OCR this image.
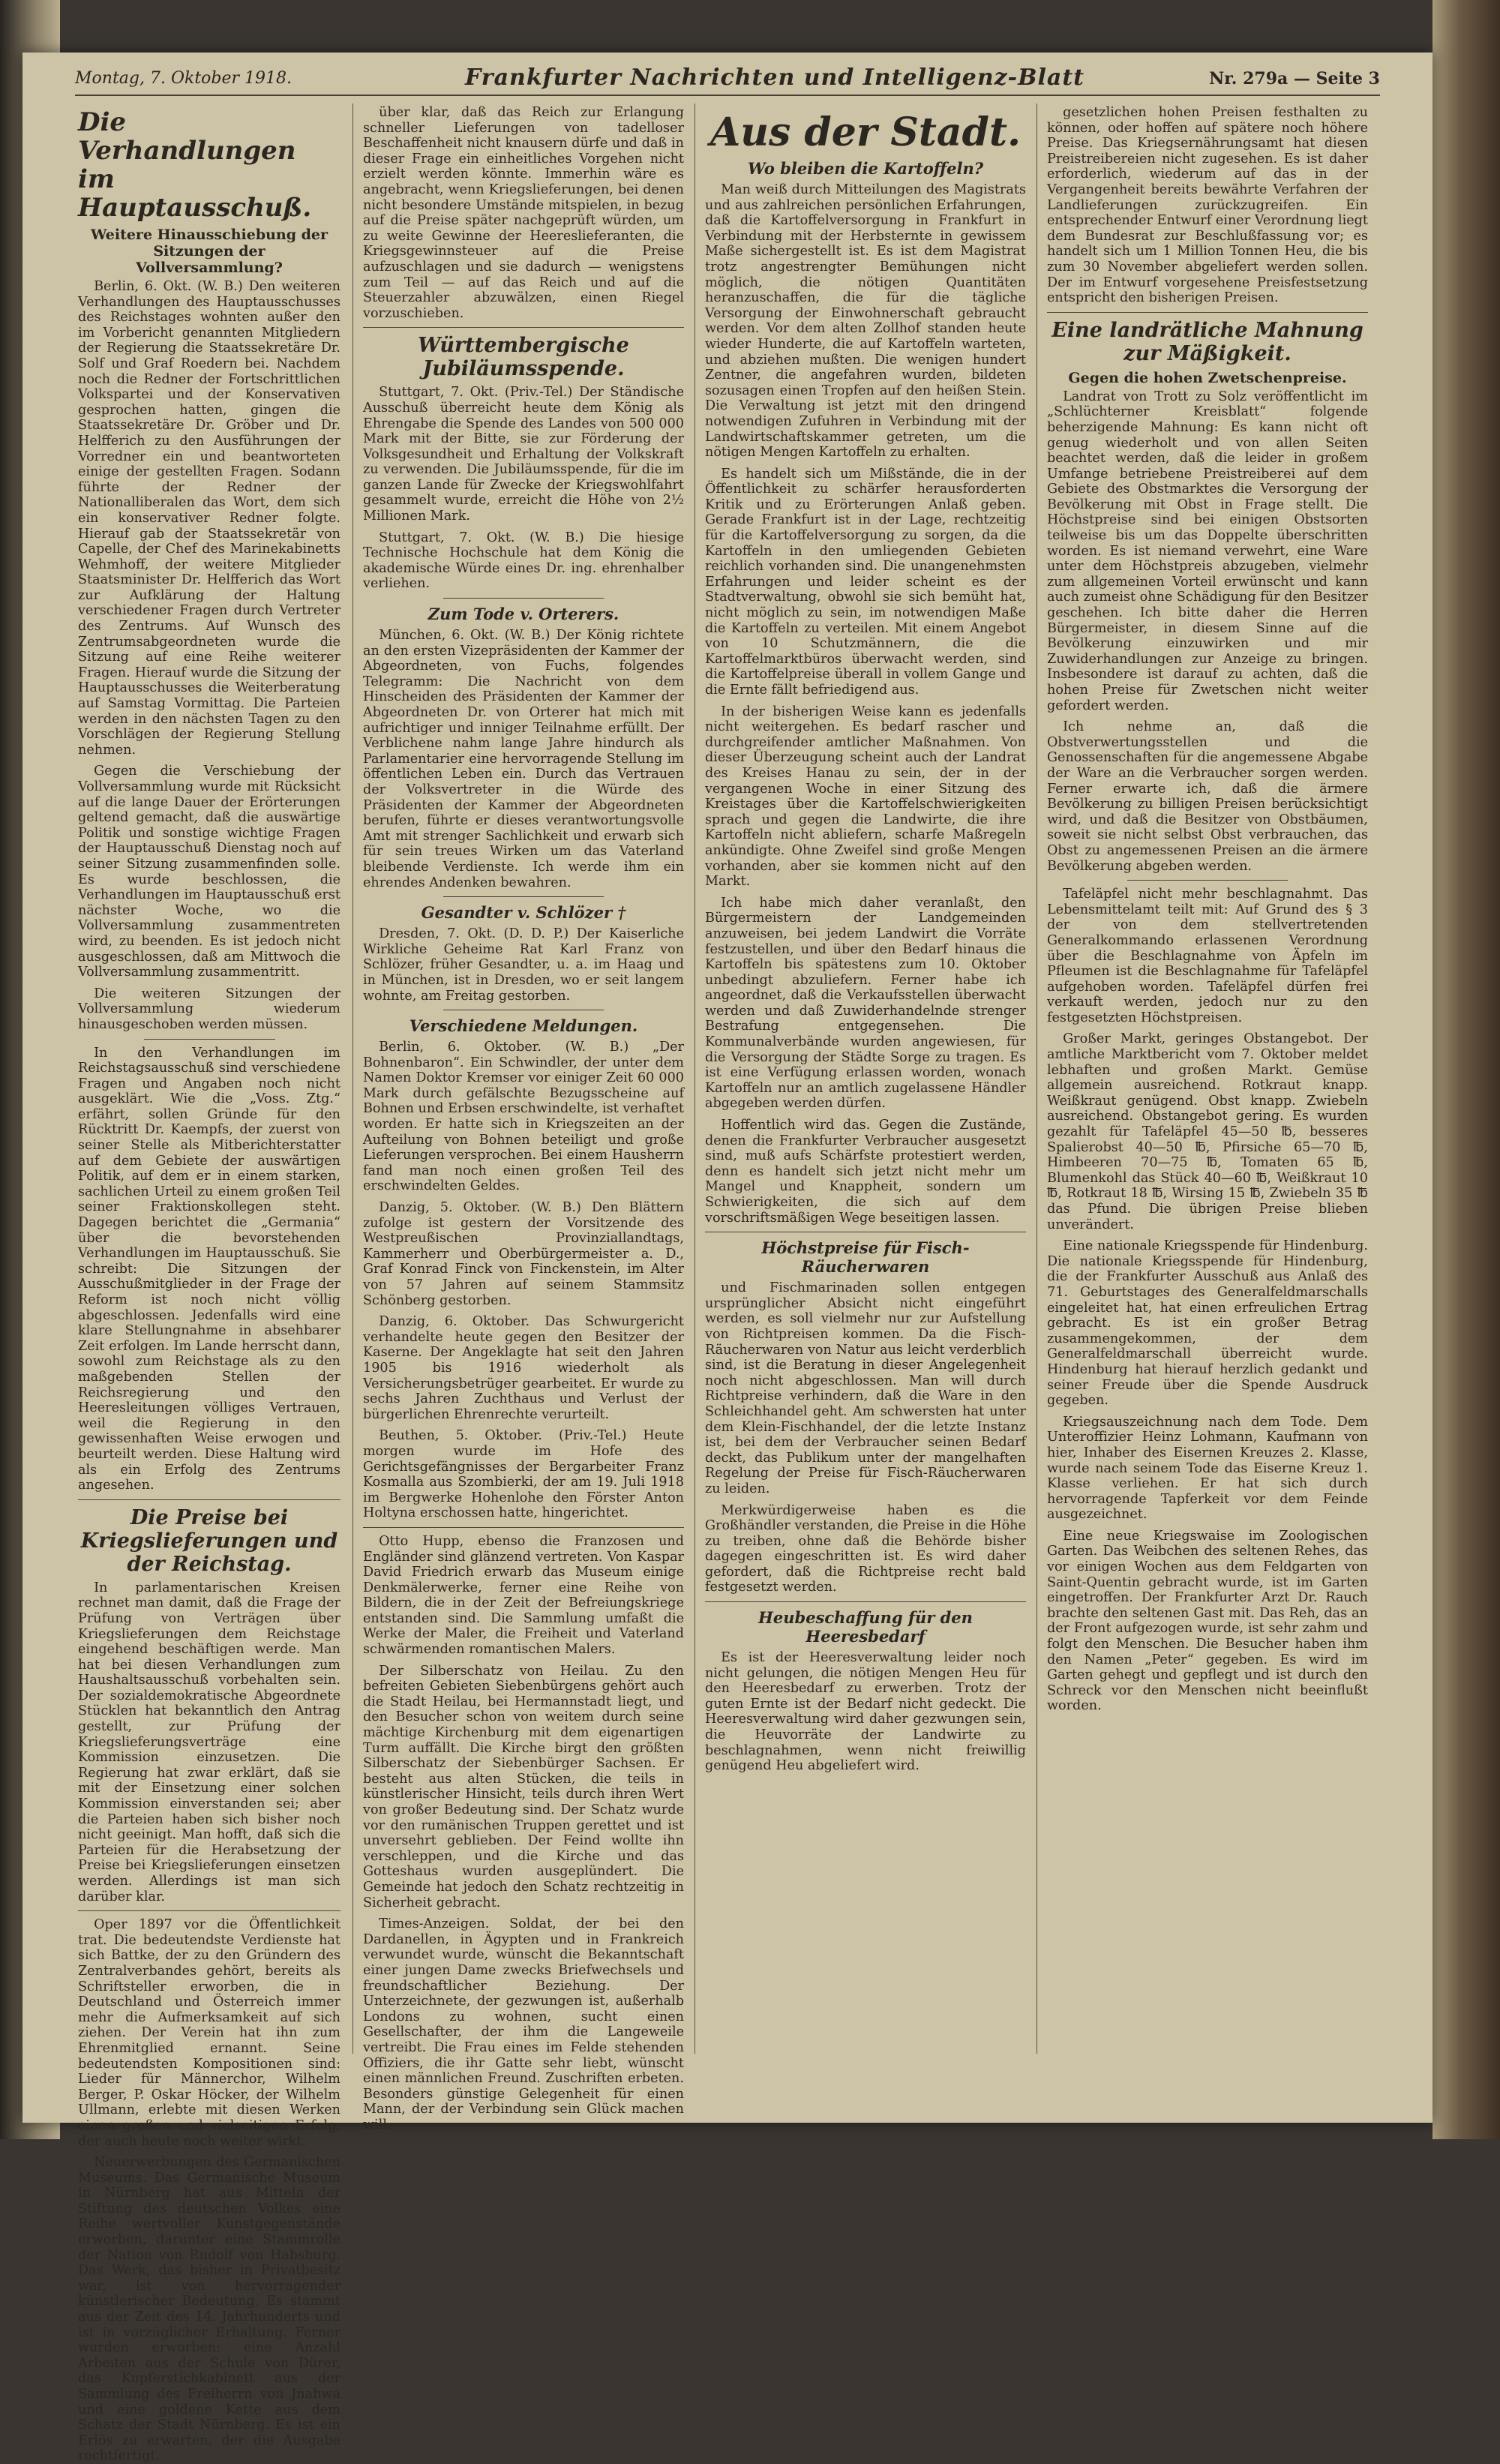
Montag, 7. Oktober 1918.	Frankfurter Nachrichten und Intelligenz-Blatt	Nr. 279a — Seite 3
Die Verhandlungen im Hauptausschuß.
Weitere Hinausschiebung der Sitzungen der Vollversammlung?

Berlin, 6. Okt. (W. B.) Den weiteren Verhandlungen des Hauptausschusses des Reichstages wohnten außer den im Vorbericht genannten Mitgliedern der Regierung die Staatssekretäre Dr. Solf und Graf Roedern bei. Nachdem noch die Redner der Fortschrittlichen Volkspartei und der Konservativen gesprochen hatten, gingen die Staatssekretäre Dr. Gröber und Dr. Helfferich zu den Ausführungen der Vorredner ein und beantworteten einige der gestellten Fragen. Sodann führte der Redner der Nationalliberalen das Wort, dem sich ein konservativer Redner folgte. Hierauf gab der Staatssekretär von Capelle, der Chef des Marinekabinetts Wehmhoff, der weitere Mitglieder Staatsminister Dr. Helfferich das Wort zur Aufklärung der Haltung verschiedener Fragen durch Vertreter des Zentrums. Auf Wunsch des Zentrumsabgeordneten wurde die Sitzung auf eine Reihe weiterer Fragen. Hierauf wurde die Sitzung der Hauptausschusses die Weiterberatung auf Samstag Vormittag. Die Parteien werden in den nächsten Tagen zu den Vorschlägen der Regierung Stellung nehmen.

Gegen die Verschiebung der Vollversammlung wurde mit Rücksicht auf die lange Dauer der Erörterungen geltend gemacht, daß die auswärtige Politik und sonstige wichtige Fragen der Hauptausschuß Dienstag noch auf seiner Sitzung zusammenfinden solle. Es wurde beschlossen, die Verhandlungen im Hauptausschuß erst nächster Woche, wo die Vollversammlung zusammentreten wird, zu beenden. Es ist jedoch nicht ausgeschlossen, daß am Mittwoch die Vollversammlung zusammentritt.

Die weiteren Sitzungen der Vollversammlung wiederum hinausgeschoben werden müssen.

In den Verhandlungen im Reichstagsausschuß sind verschiedene Fragen und Angaben noch nicht ausgeklärt. Wie die „Voss. Ztg.“ erfährt, sollen Gründe für den Rücktritt Dr. Kaempfs, der zuerst von seiner Stelle als Mitberichterstatter auf dem Gebiete der auswärtigen Politik, auf dem er in einem starken, sachlichen Urteil zu einem großen Teil seiner Fraktionskollegen steht. Dagegen berichtet die „Germania“ über die bevorstehenden Verhandlungen im Hauptausschuß. Sie schreibt: Die Sitzungen der Ausschußmitglieder in der Frage der Reform ist noch nicht völlig abgeschlossen. Jedenfalls wird eine klare Stellungnahme in absehbarer Zeit erfolgen. Im Lande herrscht dann, sowohl zum Reichstage als zu den maßgebenden Stellen der Reichsregierung und den Heeresleitungen völliges Vertrauen, weil die Regierung in den gewissenhaften Weise erwogen und beurteilt werden. Diese Haltung wird als ein Erfolg des Zentrums angesehen.

Die Preise bei Kriegslieferungen und der Reichstag.

In parlamentarischen Kreisen rechnet man damit, daß die Frage der Prüfung von Verträgen über Kriegslieferungen dem Reichstage eingehend beschäftigen werde. Man hat bei diesen Verhandlungen zum Haushaltsausschuß vorbehalten sein. Der sozialdemokratische Abgeordnete Stücklen hat bekanntlich den Antrag gestellt, zur Prüfung der Kriegslieferungsverträge eine Kommission einzusetzen. Die Regierung hat zwar erklärt, daß sie mit der Einsetzung einer solchen Kommission einverstanden sei; aber die Parteien haben sich bisher noch nicht geeinigt. Man hofft, daß sich die Parteien für die Herabsetzung der Preise bei Kriegslieferungen einsetzen werden. Allerdings ist man sich darüber klar.

Oper 1897 vor die Öffentlichkeit trat. Die bedeutendste Verdienste hat sich Battke, der zu den Gründern des Zentralverbandes gehört, bereits als Schriftsteller erworben, die in Deutschland und Österreich immer mehr die Aufmerksamkeit auf sich ziehen. Der Verein hat ihn zum Ehrenmitglied ernannt. Seine bedeutendsten Kompositionen sind: Lieder für Männerchor, Wilhelm Berger, P. Oskar Höcker, der Wilhelm Ullmann, erlebte mit diesen Werken einen großen und vielseitigen Erfolg, der auch heute noch weiter wirkt.

Neuerwerbungen des Germanischen Museums. Das Germanische Museum in Nürnberg hat aus Mitteln der Stiftung des deutschen Volkes eine Reihe wertvoller Kunstgegenstände erworben, darunter eine Stammrolle der Nation von Rudolf von Habsburg. Das Werk, das bisher in Privatbesitz war, ist von hervorragender künstlerischer Bedeutung. Es stammt aus der Zeit des 14. Jahrhunderts und ist in vorzüglicher Erhaltung. Ferner wurden erworben: eine Anzahl Arbeiten aus der Schule von Dürer, das Kupferstichkabinett aus der Sammlung des Freiherrn von Jnahwa und eine goldene Kette aus dem Schatz der Stadt Nürnberg. Es ist ein Erlös zu erwarten, der die Ausgabe rechtfertigt.

über klar, daß das Reich zur Erlangung schneller Lieferungen von tadelloser Beschaffenheit nicht knausern dürfe und daß in dieser Frage ein einheitliches Vorgehen nicht erzielt werden könnte. Immerhin wäre es angebracht, wenn Kriegslieferungen, bei denen nicht besondere Umstände mitspielen, in bezug auf die Preise später nachgeprüft würden, um zu weite Gewinne der Heereslieferanten, die Kriegsgewinnsteuer auf die Preise aufzuschlagen und sie dadurch — wenigstens zum Teil — auf das Reich und auf die Steuerzahler abzuwälzen, einen Riegel vorzuschieben.

Württembergische Jubiläumsspende.

Stuttgart, 7. Okt. (Priv.-Tel.) Der Ständische Ausschuß überreicht heute dem König als Ehrengabe die Spende des Landes von 500 000 Mark mit der Bitte, sie zur Förderung der Volksgesundheit und Erhaltung der Volkskraft zu verwenden. Die Jubiläumsspende, für die im ganzen Lande für Zwecke der Kriegswohlfahrt gesammelt wurde, erreicht die Höhe von 2½ Millionen Mark.

Stuttgart, 7. Okt. (W. B.) Die hiesige Technische Hochschule hat dem König die akademische Würde eines Dr. ing. ehrenhalber verliehen.

Zum Tode v. Orterers.

München, 6. Okt. (W. B.) Der König richtete an den ersten Vizepräsidenten der Kammer der Abgeordneten, von Fuchs, folgendes Telegramm: Die Nachricht von dem Hinscheiden des Präsidenten der Kammer der Abgeordneten Dr. von Orterer hat mich mit aufrichtiger und inniger Teilnahme erfüllt. Der Verblichene nahm lange Jahre hindurch als Parlamentarier eine hervorragende Stellung im öffentlichen Leben ein. Durch das Vertrauen der Volksvertreter in die Würde des Präsidenten der Kammer der Abgeordneten berufen, führte er dieses verantwortungsvolle Amt mit strenger Sachlichkeit und erwarb sich für sein treues Wirken um das Vaterland bleibende Verdienste. Ich werde ihm ein ehrendes Andenken bewahren.

Gesandter v. Schlözer †

Dresden, 7. Okt. (D. D. P.) Der Kaiserliche Wirkliche Geheime Rat Karl Franz von Schlözer, früher Gesandter, u. a. im Haag und in München, ist in Dresden, wo er seit langem wohnte, am Freitag gestorben.

Verschiedene Meldungen.

Berlin, 6. Oktober. (W. B.) „Der Bohnenbaron“. Ein Schwindler, der unter dem Namen Doktor Kremser vor einiger Zeit 60 000 Mark durch gefälschte Bezugsscheine auf Bohnen und Erbsen erschwindelte, ist verhaftet worden. Er hatte sich in Kriegszeiten an der Aufteilung von Bohnen beteiligt und große Lieferungen versprochen. Bei einem Hausherrn fand man noch einen großen Teil des erschwindelten Geldes.

Danzig, 5. Oktober. (W. B.) Den Blättern zufolge ist gestern der Vorsitzende des Westpreußischen Provinziallandtags, Kammerherr und Oberbürgermeister a. D., Graf Konrad Finck von Finckenstein, im Alter von 57 Jahren auf seinem Stammsitz Schönberg gestorben.

Danzig, 6. Oktober. Das Schwurgericht verhandelte heute gegen den Besitzer der Kaserne. Der Angeklagte hat seit den Jahren 1905 bis 1916 wiederholt als Versicherungsbetrüger gearbeitet. Er wurde zu sechs Jahren Zuchthaus und Verlust der bürgerlichen Ehrenrechte verurteilt.

Beuthen, 5. Oktober. (Priv.-Tel.) Heute morgen wurde im Hofe des Gerichtsgefängnisses der Bergarbeiter Franz Kosmalla aus Szombierki, der am 19. Juli 1918 im Bergwerke Hohenlohe den Förster Anton Holtyna erschossen hatte, hingerichtet.

Otto Hupp, ebenso die Franzosen und Engländer sind glänzend vertreten. Von Kaspar David Friedrich erwarb das Museum einige Denkmälerwerke, ferner eine Reihe von Bildern, die in der Zeit der Befreiungskriege entstanden sind. Die Sammlung umfaßt die Werke der Maler, die Freiheit und Vaterland schwärmenden romantischen Malers.

Der Silberschatz von Heilau. Zu den befreiten Gebieten Siebenbürgens gehört auch die Stadt Heilau, bei Hermannstadt liegt, und den Besucher schon von weitem durch seine mächtige Kirchenburg mit dem eigenartigen Turm auffällt. Die Kirche birgt den größten Silberschatz der Siebenbürger Sachsen. Er besteht aus alten Stücken, die teils in künstlerischer Hinsicht, teils durch ihren Wert von großer Bedeutung sind. Der Schatz wurde vor den rumänischen Truppen gerettet und ist unversehrt geblieben. Der Feind wollte ihn verschleppen, und die Kirche und das Gotteshaus wurden ausgeplündert. Die Gemeinde hat jedoch den Schatz rechtzeitig in Sicherheit gebracht.

Times-Anzeigen. Soldat, der bei den Dardanellen, in Ägypten und in Frankreich verwundet wurde, wünscht die Bekanntschaft einer jungen Dame zwecks Briefwechsels und freundschaftlicher Beziehung. Der Unterzeichnete, der gezwungen ist, außerhalb Londons zu wohnen, sucht einen Gesellschafter, der ihm die Langeweile vertreibt. Die Frau eines im Felde stehenden Offiziers, die ihr Gatte sehr liebt, wünscht einen männlichen Freund. Zuschriften erbeten. Besonders günstige Gelegenheit für einen Mann, der der Verbindung sein Glück machen will.

Aus der Stadt.
Wo bleiben die Kartoffeln?

Man weiß durch Mitteilungen des Magistrats und aus zahlreichen persönlichen Erfahrungen, daß die Kartoffelversorgung in Frankfurt in Verbindung mit der Herbsternte in gewissem Maße sichergestellt ist. Es ist dem Magistrat trotz angestrengter Bemühungen nicht möglich, die nötigen Quantitäten heranzuschaffen, die für die tägliche Versorgung der Einwohnerschaft gebraucht werden. Vor dem alten Zollhof standen heute wieder Hunderte, die auf Kartoffeln warteten, und abziehen mußten. Die wenigen hundert Zentner, die angefahren wurden, bildeten sozusagen einen Tropfen auf den heißen Stein. Die Verwaltung ist jetzt mit den dringend notwendigen Zufuhren in Verbindung mit der Landwirtschaftskammer getreten, um die nötigen Mengen Kartoffeln zu erhalten.

Es handelt sich um Mißstände, die in der Öffentlichkeit zu schärfer herausforderten Kritik und zu Erörterungen Anlaß geben. Gerade Frankfurt ist in der Lage, rechtzeitig für die Kartoffelversorgung zu sorgen, da die Kartoffeln in den umliegenden Gebieten reichlich vorhanden sind. Die unangenehmsten Erfahrungen und leider scheint es der Stadtverwaltung, obwohl sie sich bemüht hat, nicht möglich zu sein, im notwendigen Maße die Kartoffeln zu verteilen. Mit einem Angebot von 10 Schutzmännern, die die Kartoffelmarktbüros überwacht werden, sind die Kartoffelpreise überall in vollem Gange und die Ernte fällt befriedigend aus.

In der bisherigen Weise kann es jedenfalls nicht weitergehen. Es bedarf rascher und durchgreifender amtlicher Maßnahmen. Von dieser Überzeugung scheint auch der Landrat des Kreises Hanau zu sein, der in der vergangenen Woche in einer Sitzung des Kreistages über die Kartoffelschwierigkeiten sprach und gegen die Landwirte, die ihre Kartoffeln nicht abliefern, scharfe Maßregeln ankündigte. Ohne Zweifel sind große Mengen vorhanden, aber sie kommen nicht auf den Markt.

Ich habe mich daher veranlaßt, den Bürgermeistern der Landgemeinden anzuweisen, bei jedem Landwirt die Vorräte festzustellen, und über den Bedarf hinaus die Kartoffeln bis spätestens zum 10. Oktober unbedingt abzuliefern. Ferner habe ich angeordnet, daß die Verkaufsstellen überwacht werden und daß Zuwiderhandelnde strenger Bestrafung entgegensehen. Die Kommunalverbände wurden angewiesen, für die Versorgung der Städte Sorge zu tragen. Es ist eine Verfügung erlassen worden, wonach Kartoffeln nur an amtlich zugelassene Händler abgegeben werden dürfen.

Hoffentlich wird das. Gegen die Zustände, denen die Frankfurter Verbraucher ausgesetzt sind, muß aufs Schärfste protestiert werden, denn es handelt sich jetzt nicht mehr um Mangel und Knappheit, sondern um Schwierigkeiten, die sich auf dem vorschriftsmäßigen Wege beseitigen lassen.

Höchstpreise für Fisch-Räucherwaren

und Fischmarinaden sollen entgegen ursprünglicher Absicht nicht eingeführt werden, es soll vielmehr nur zur Aufstellung von Richtpreisen kommen. Da die Fisch-Räucherwaren von Natur aus leicht verderblich sind, ist die Beratung in dieser Angelegenheit noch nicht abgeschlossen. Man will durch Richtpreise verhindern, daß die Ware in den Schleichhandel geht. Am schwersten hat unter dem Klein-Fischhandel, der die letzte Instanz ist, bei dem der Verbraucher seinen Bedarf deckt, das Publikum unter der mangelhaften Regelung der Preise für Fisch-Räucherwaren zu leiden.

Merkwürdigerweise haben es die Großhändler verstanden, die Preise in die Höhe zu treiben, ohne daß die Behörde bisher dagegen eingeschritten ist. Es wird daher gefordert, daß die Richtpreise recht bald festgesetzt werden.

Heubeschaffung für den Heeresbedarf

Es ist der Heeresverwaltung leider noch nicht gelungen, die nötigen Mengen Heu für den Heeresbedarf zu erwerben. Trotz der guten Ernte ist der Bedarf nicht gedeckt. Die Heeresverwaltung wird daher gezwungen sein, die Heuvorräte der Landwirte zu beschlagnahmen, wenn nicht freiwillig genügend Heu abgeliefert wird.

gesetzlichen hohen Preisen festhalten zu können, oder hoffen auf spätere noch höhere Preise. Das Kriegsernährungsamt hat diesen Preistreibereien nicht zugesehen. Es ist daher erforderlich, wiederum auf das in der Vergangenheit bereits bewährte Verfahren der Landlieferungen zurückzugreifen. Ein entsprechender Entwurf einer Verordnung liegt dem Bundesrat zur Beschlußfassung vor; es handelt sich um 1 Million Tonnen Heu, die bis zum 30 November abgeliefert werden sollen. Der im Entwurf vorgesehene Preisfestsetzung entspricht den bisherigen Preisen.

Eine landrätliche Mahnung zur Mäßigkeit.
Gegen die hohen Zwetschenpreise.

Landrat von Trott zu Solz veröffentlicht im „Schlüchterner Kreisblatt“ folgende beherzigende Mahnung: Es kann nicht oft genug wiederholt und von allen Seiten beachtet werden, daß die leider in großem Umfange betriebene Preistreiberei auf dem Gebiete des Obstmarktes die Versorgung der Bevölkerung mit Obst in Frage stellt. Die Höchstpreise sind bei einigen Obstsorten teilweise bis um das Doppelte überschritten worden. Es ist niemand verwehrt, eine Ware unter dem Höchstpreis abzugeben, vielmehr zum allgemeinen Vorteil erwünscht und kann auch zumeist ohne Schädigung für den Besitzer geschehen. Ich bitte daher die Herren Bürgermeister, in diesem Sinne auf die Bevölkerung einzuwirken und mir Zuwiderhandlungen zur Anzeige zu bringen. Insbesondere ist darauf zu achten, daß die hohen Preise für Zwetschen nicht weiter gefordert werden.

Ich nehme an, daß die Obstverwertungsstellen und die Genossenschaften für die angemessene Abgabe der Ware an die Verbraucher sorgen werden. Ferner erwarte ich, daß die ärmere Bevölkerung zu billigen Preisen berücksichtigt wird, und daß die Besitzer von Obstbäumen, soweit sie nicht selbst Obst verbrauchen, das Obst zu angemessenen Preisen an die ärmere Bevölkerung abgeben werden.

Tafeläpfel nicht mehr beschlagnahmt. Das Lebensmittelamt teilt mit: Auf Grund des § 3 der von dem stellvertretenden Generalkommando erlassenen Verordnung über die Beschlagnahme von Äpfeln im Pfleumen ist die Beschlagnahme für Tafeläpfel aufgehoben worden. Tafeläpfel dürfen frei verkauft werden, jedoch nur zu den festgesetzten Höchstpreisen.

Großer Markt, geringes Obstangebot. Der amtliche Marktbericht vom 7. Oktober meldet lebhaften und großen Markt. Gemüse allgemein ausreichend. Rotkraut knapp. Weißkraut genügend. Obst knapp. Zwiebeln ausreichend. Obstangebot gering. Es wurden gezahlt für Tafeläpfel 45—50 ℔, besseres Spalierobst 40—50 ℔, Pfirsiche 65—70 ℔, Himbeeren 70—75 ℔, Tomaten 65 ℔, Blumenkohl das Stück 40—60 ℔, Weißkraut 10 ℔, Rotkraut 18 ℔, Wirsing 15 ℔, Zwiebeln 35 ℔ das Pfund. Die übrigen Preise blieben unverändert.

Eine nationale Kriegsspende für Hindenburg. Die nationale Kriegsspende für Hindenburg, die der Frankfurter Ausschuß aus Anlaß des 71. Geburtstages des Generalfeldmarschalls eingeleitet hat, hat einen erfreulichen Ertrag gebracht. Es ist ein großer Betrag zusammengekommen, der dem Generalfeldmarschall überreicht wurde. Hindenburg hat hierauf herzlich gedankt und seiner Freude über die Spende Ausdruck gegeben.

Kriegsauszeichnung nach dem Tode. Dem Unteroffizier Heinz Lohmann, Kaufmann von hier, Inhaber des Eisernen Kreuzes 2. Klasse, wurde nach seinem Tode das Eiserne Kreuz 1. Klasse verliehen. Er hat sich durch hervorragende Tapferkeit vor dem Feinde ausgezeichnet.

Eine neue Kriegswaise im Zoologischen Garten. Das Weibchen des seltenen Rehes, das vor einigen Wochen aus dem Feldgarten von Saint-Quentin gebracht wurde, ist im Garten eingetroffen. Der Frankfurter Arzt Dr. Rauch brachte den seltenen Gast mit. Das Reh, das an der Front aufgezogen wurde, ist sehr zahm und folgt den Menschen. Die Besucher haben ihm den Namen „Peter“ gegeben. Es wird im Garten gehegt und gepflegt und ist durch den Schreck vor den Menschen nicht beeinflußt worden.
